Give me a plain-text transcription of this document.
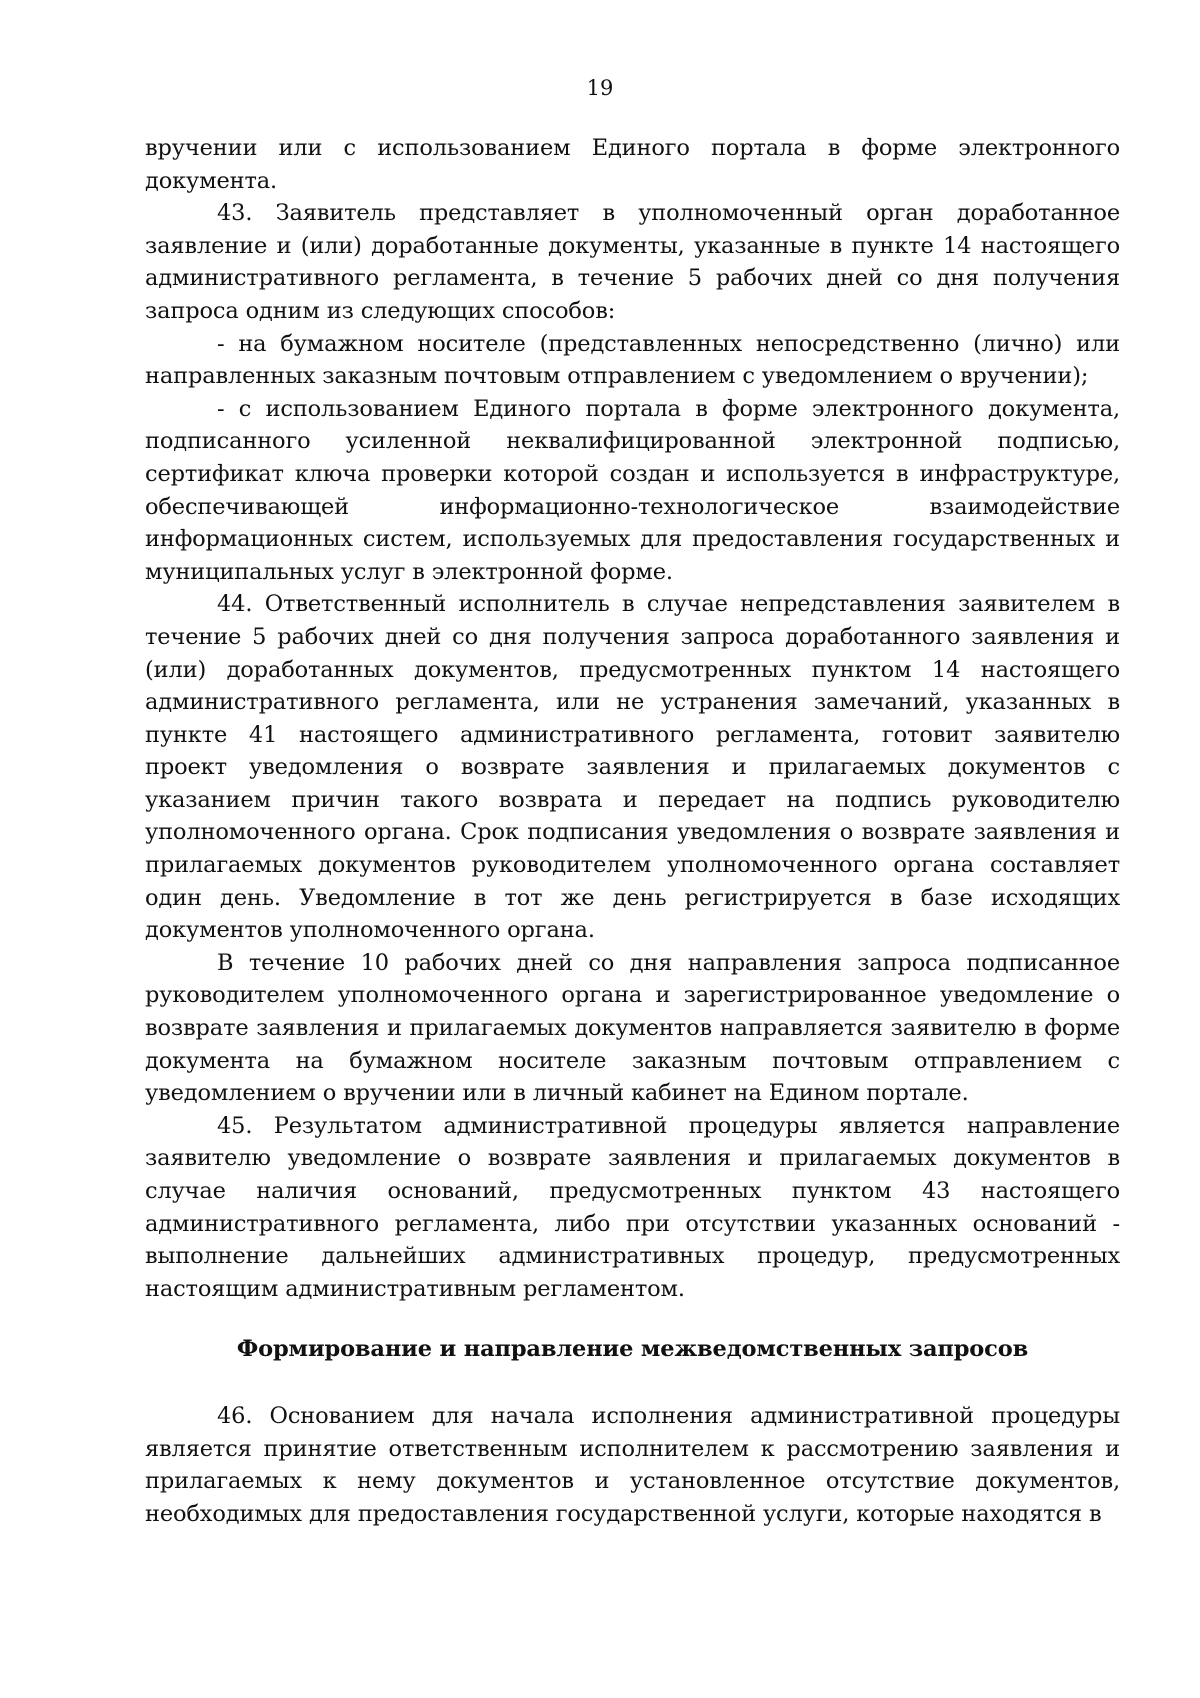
19

вручении или с использованием Единого портала в форме электронного документа.

43. Заявитель представляет в уполномоченный орган доработанное заявление и (или) доработанные документы, указанные в пункте 14 настоящего административного регламента, в течение 5 рабочих дней со дня получения запроса одним из следующих способов:

- на бумажном носителе (представленных непосредственно (лично) или направленных заказным почтовым отправлением с уведомлением о вручении);

- с использованием Единого портала в форме электронного документа, подписанного усиленной неквалифицированной электронной подписью, сертификат ключа проверки которой создан и используется в инфраструктуре, обеспечивающей информационно-технологическое взаимодействие информационных систем, используемых для предоставления государственных и муниципальных услуг в электронной форме.

44. Ответственный исполнитель в случае непредставления заявителем в течение 5 рабочих дней со дня получения запроса доработанного заявления и (или) доработанных документов, предусмотренных пунктом 14 настоящего административного регламента, или не устранения замечаний, указанных в пункте 41 настоящего административного регламента, готовит заявителю проект уведомления о возврате заявления и прилагаемых документов с указанием причин такого возврата и передает на подпись руководителю уполномоченного органа. Срок подписания уведомления о возврате заявления и прилагаемых документов руководителем уполномоченного органа составляет один день. Уведомление в тот же день регистрируется в базе исходящих документов уполномоченного органа.

В течение 10 рабочих дней со дня направления запроса подписанное руководителем уполномоченного органа и зарегистрированное уведомление о возврате заявления и прилагаемых документов направляется заявителю в форме документа на бумажном носителе заказным почтовым отправлением с уведомлением о вручении или в личный кабинет на Едином портале.

45. Результатом административной процедуры является направление заявителю уведомление о возврате заявления и прилагаемых документов в случае наличия оснований, предусмотренных пунктом 43 настоящего административного регламента, либо при отсутствии указанных оснований - выполнение дальнейших административных процедур, предусмотренных настоящим административным регламентом.

Формирование и направление межведомственных запросов

46. Основанием для начала исполнения административной процедуры является принятие ответственным исполнителем к рассмотрению заявления и прилагаемых к нему документов и установленное отсутствие документов, необходимых для предоставления государственной услуги, которые находятся в
